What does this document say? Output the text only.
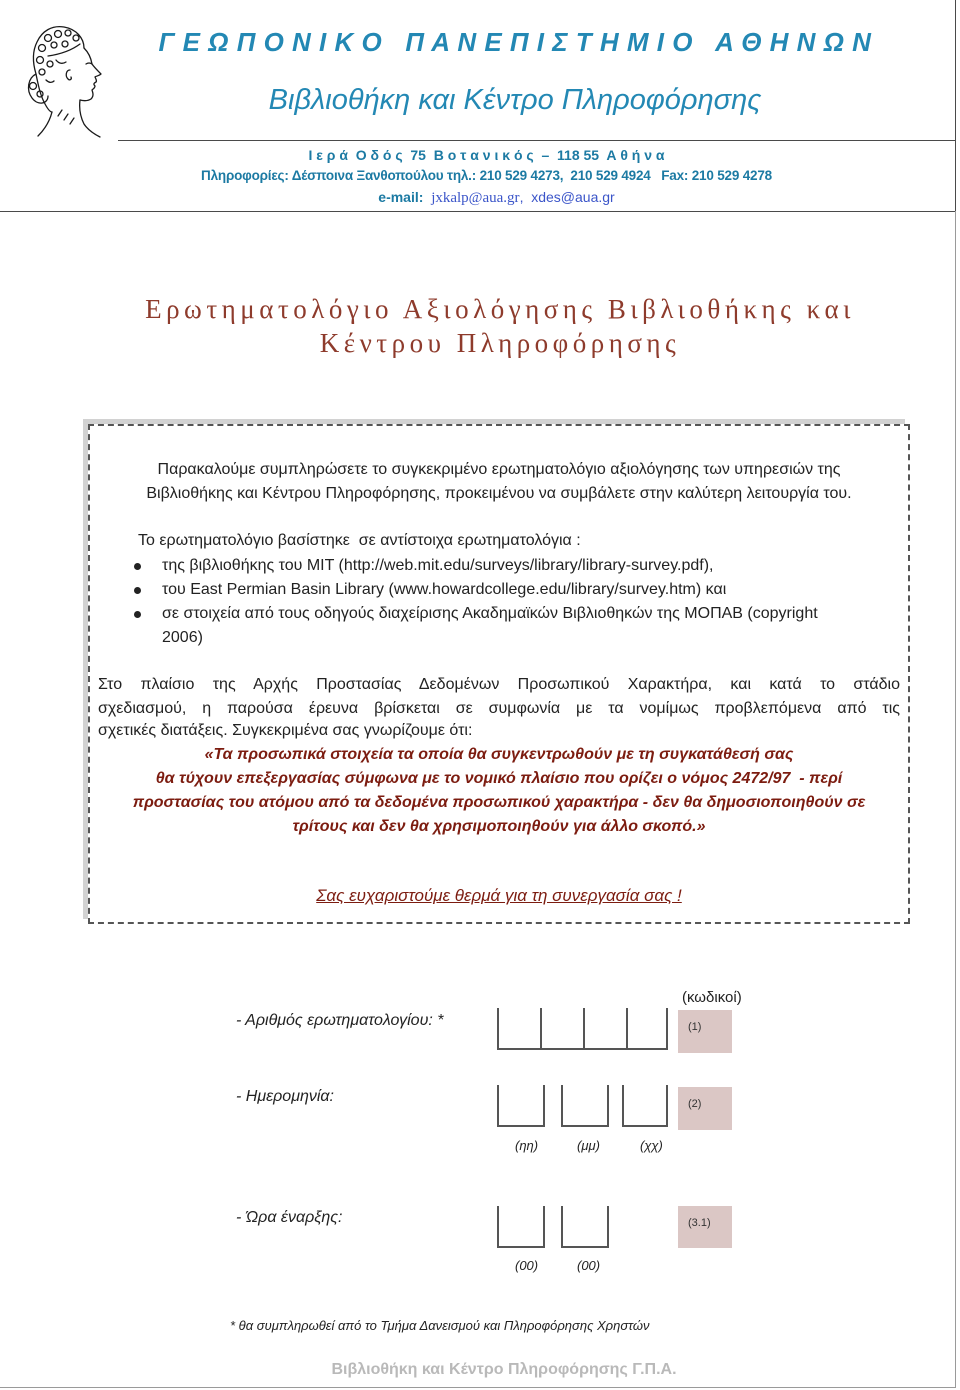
Γ Ε Ω Π Ο Ν Ι Κ Ο   Π Α Ν Ε Π Ι Σ Τ Η Μ Ι Ο   Α Θ Η Ν Ω Ν
Βιβλιοθήκη και Κέντρο Πληροφόρησης
Ι ε ρ ά  Ο δ ό ς  75  Β ο τ α ν ι κ ό ς  –  118 55  Α θ ή ν α
Πληροφορίες: Δέσποινα Ξανθοπούλου τηλ.: 210 529 4273,  210 529 4924   Fax: 210 529 4278
e-mail: jxkalp@aua.gr, xdes@aua.gr
Ερωτηματολόγιο Αξιολόγησης Βιβλιοθήκης και
Κέντρου Πληροφόρησης
Παρακαλούμε συμπληρώσετε το συγκεκριμένο ερωτηματολόγιο αξιολόγησης των υπηρεσιών της
Βιβλιοθήκης και Κέντρου Πληροφόρησης, προκειμένου να συμβάλετε στην καλύτερη λειτουργία του.
Το ερωτηματολόγιο βασίστηκε  σε αντίστοιχα ερωτηματολόγια :
της βιβλιοθήκης του MIT (http://web.mit.edu/surveys/library/library-survey.pdf),
του East Permian Basin Library (www.howardcollege.edu/library/survey.htm) και
σε στοιχεία από τους οδηγούς διαχείρισης Ακαδημαϊκών Βιβλιοθηκών της ΜΟΠΑΒ (copyright
2006)
Στο πλαίσιο της Αρχής Προστασίας Δεδομένων Προσωπικού Χαρακτήρα, και κατά το στάδιο
σχεδιασμού, η παρούσα έρευνα βρίσκεται σε συμφωνία με τα νομίμως προβλεπόμενα από τις
σχετικές διατάξεις. Συγκεκριμένα σας γνωρίζουμε ότι:
«Τα προσωπικά στοιχεία τα οποία θα συγκεντρωθούν με τη συγκατάθεσή σας
θα τύχουν επεξεργασίας σύμφωνα με το νομικό πλαίσιο που ορίζει ο νόμος 2472/97  - περί
προστασίας του ατόμου από τα δεδομένα προσωπικού χαρακτήρα - δεν θα δημοσιοποιηθούν σε
τρίτους και δεν θα χρησιμοποιηθούν για άλλο σκοπό.»
Σας ευχαριστούμε θερμά για τη συνεργασία σας !
(κωδικοί)
- Αριθμός ερωτηματολογίου: *	(1)
- Ημερομηνία:	(2)
(ηη)	(μμ)	(χχ)
- Ώρα έναρξης:	(3.1)
(00)	(00)
* θα συμπληρωθεί από το Τμήμα Δανεισμού και Πληροφόρησης Χρηστών
Βιβλιοθήκη και Κέντρο Πληροφόρησης Γ.Π.Α.
